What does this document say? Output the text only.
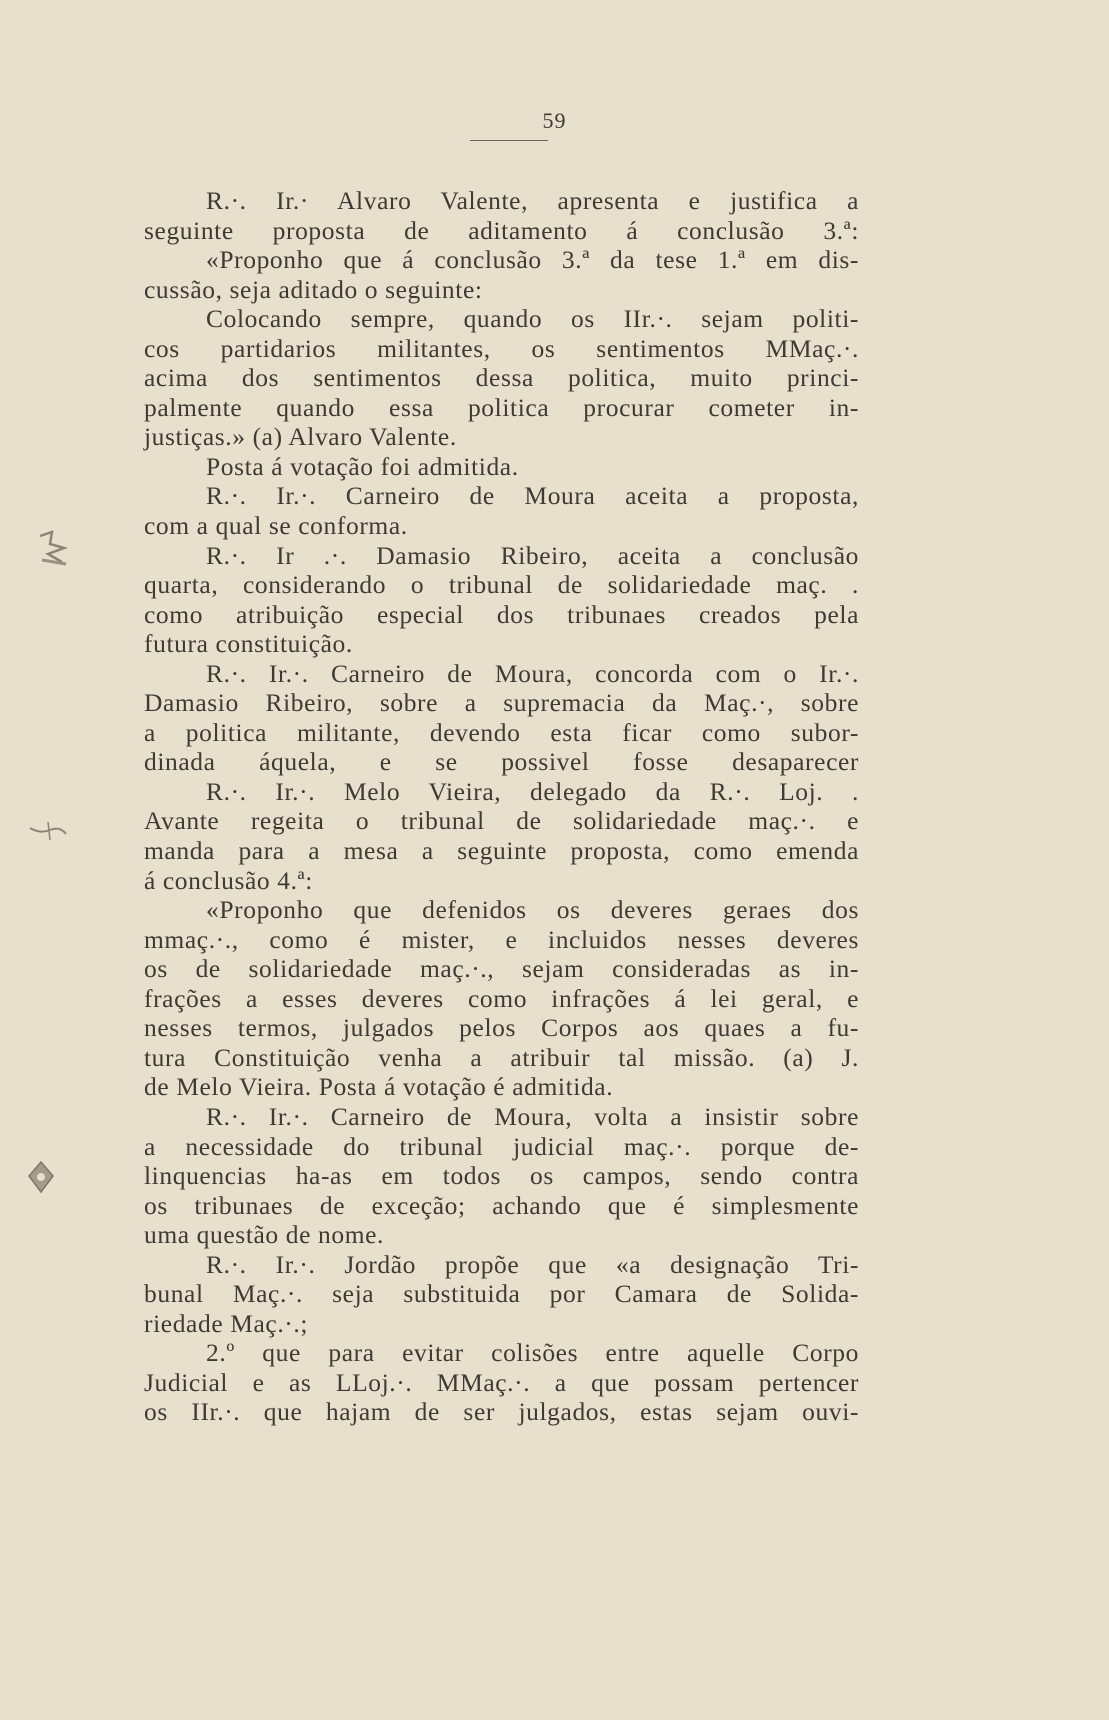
59
R.·. Ir.· Alvaro Valente, apresenta e justifica a
seguinte proposta de aditamento á conclusão 3.ª:
«Proponho que á conclusão 3.ª da tese 1.ª em dis-
cussão, seja aditado o seguinte:
Colocando sempre, quando os IIr.·. sejam politi-
cos partidarios militantes, os sentimentos MMaç.·.
acima dos sentimentos dessa politica, muito princi-
palmente quando essa politica procurar cometer in-
justiças.» (a) Alvaro Valente.
Posta á votação foi admitida.
R.·. Ir.·. Carneiro de Moura aceita a proposta,
com a qual se conforma.
R.·. Ir .·. Damasio Ribeiro, aceita a conclusão
quarta, considerando o tribunal de solidariedade maç. .
como atribuição especial dos tribunaes creados pela
futura constituição.
R.·. Ir.·. Carneiro de Moura, concorda com o Ir.·.
Damasio Ribeiro, sobre a supremacia da Maç.·, sobre
a politica militante, devendo esta ficar como subor-
dinada áquela, e se possivel fosse desaparecer
R.·. Ir.·. Melo Vieira, delegado da R.·. Loj. .
Avante regeita o tribunal de solidariedade maç.·. e
manda para a mesa a seguinte proposta, como emenda
á conclusão 4.ª:
«Proponho que defenidos os deveres geraes dos
mmaç.·., como é mister, e incluidos nesses deveres
os de solidariedade maç.·., sejam consideradas as in-
frações a esses deveres como infrações á lei geral, e
nesses termos, julgados pelos Corpos aos quaes a fu-
tura Constituição venha a atribuir tal missão. (a) J.
de Melo Vieira. Posta á votação é admitida.
R.·. Ir.·. Carneiro de Moura, volta a insistir sobre
a necessidade do tribunal judicial maç.·. porque de-
linquencias ha-as em todos os campos, sendo contra
os tribunaes de exceção; achando que é simplesmente
uma questão de nome.
R.·. Ir.·. Jordão propõe que «a designação Tri-
bunal Maç.·. seja substituida por Camara de Solida-
riedade Maç.·.;
2.º que para evitar colisões entre aquelle Corpo
Judicial e as LLoj.·. MMaç.·. a que possam pertencer
os IIr.·. que hajam de ser julgados, estas sejam ouvi-
